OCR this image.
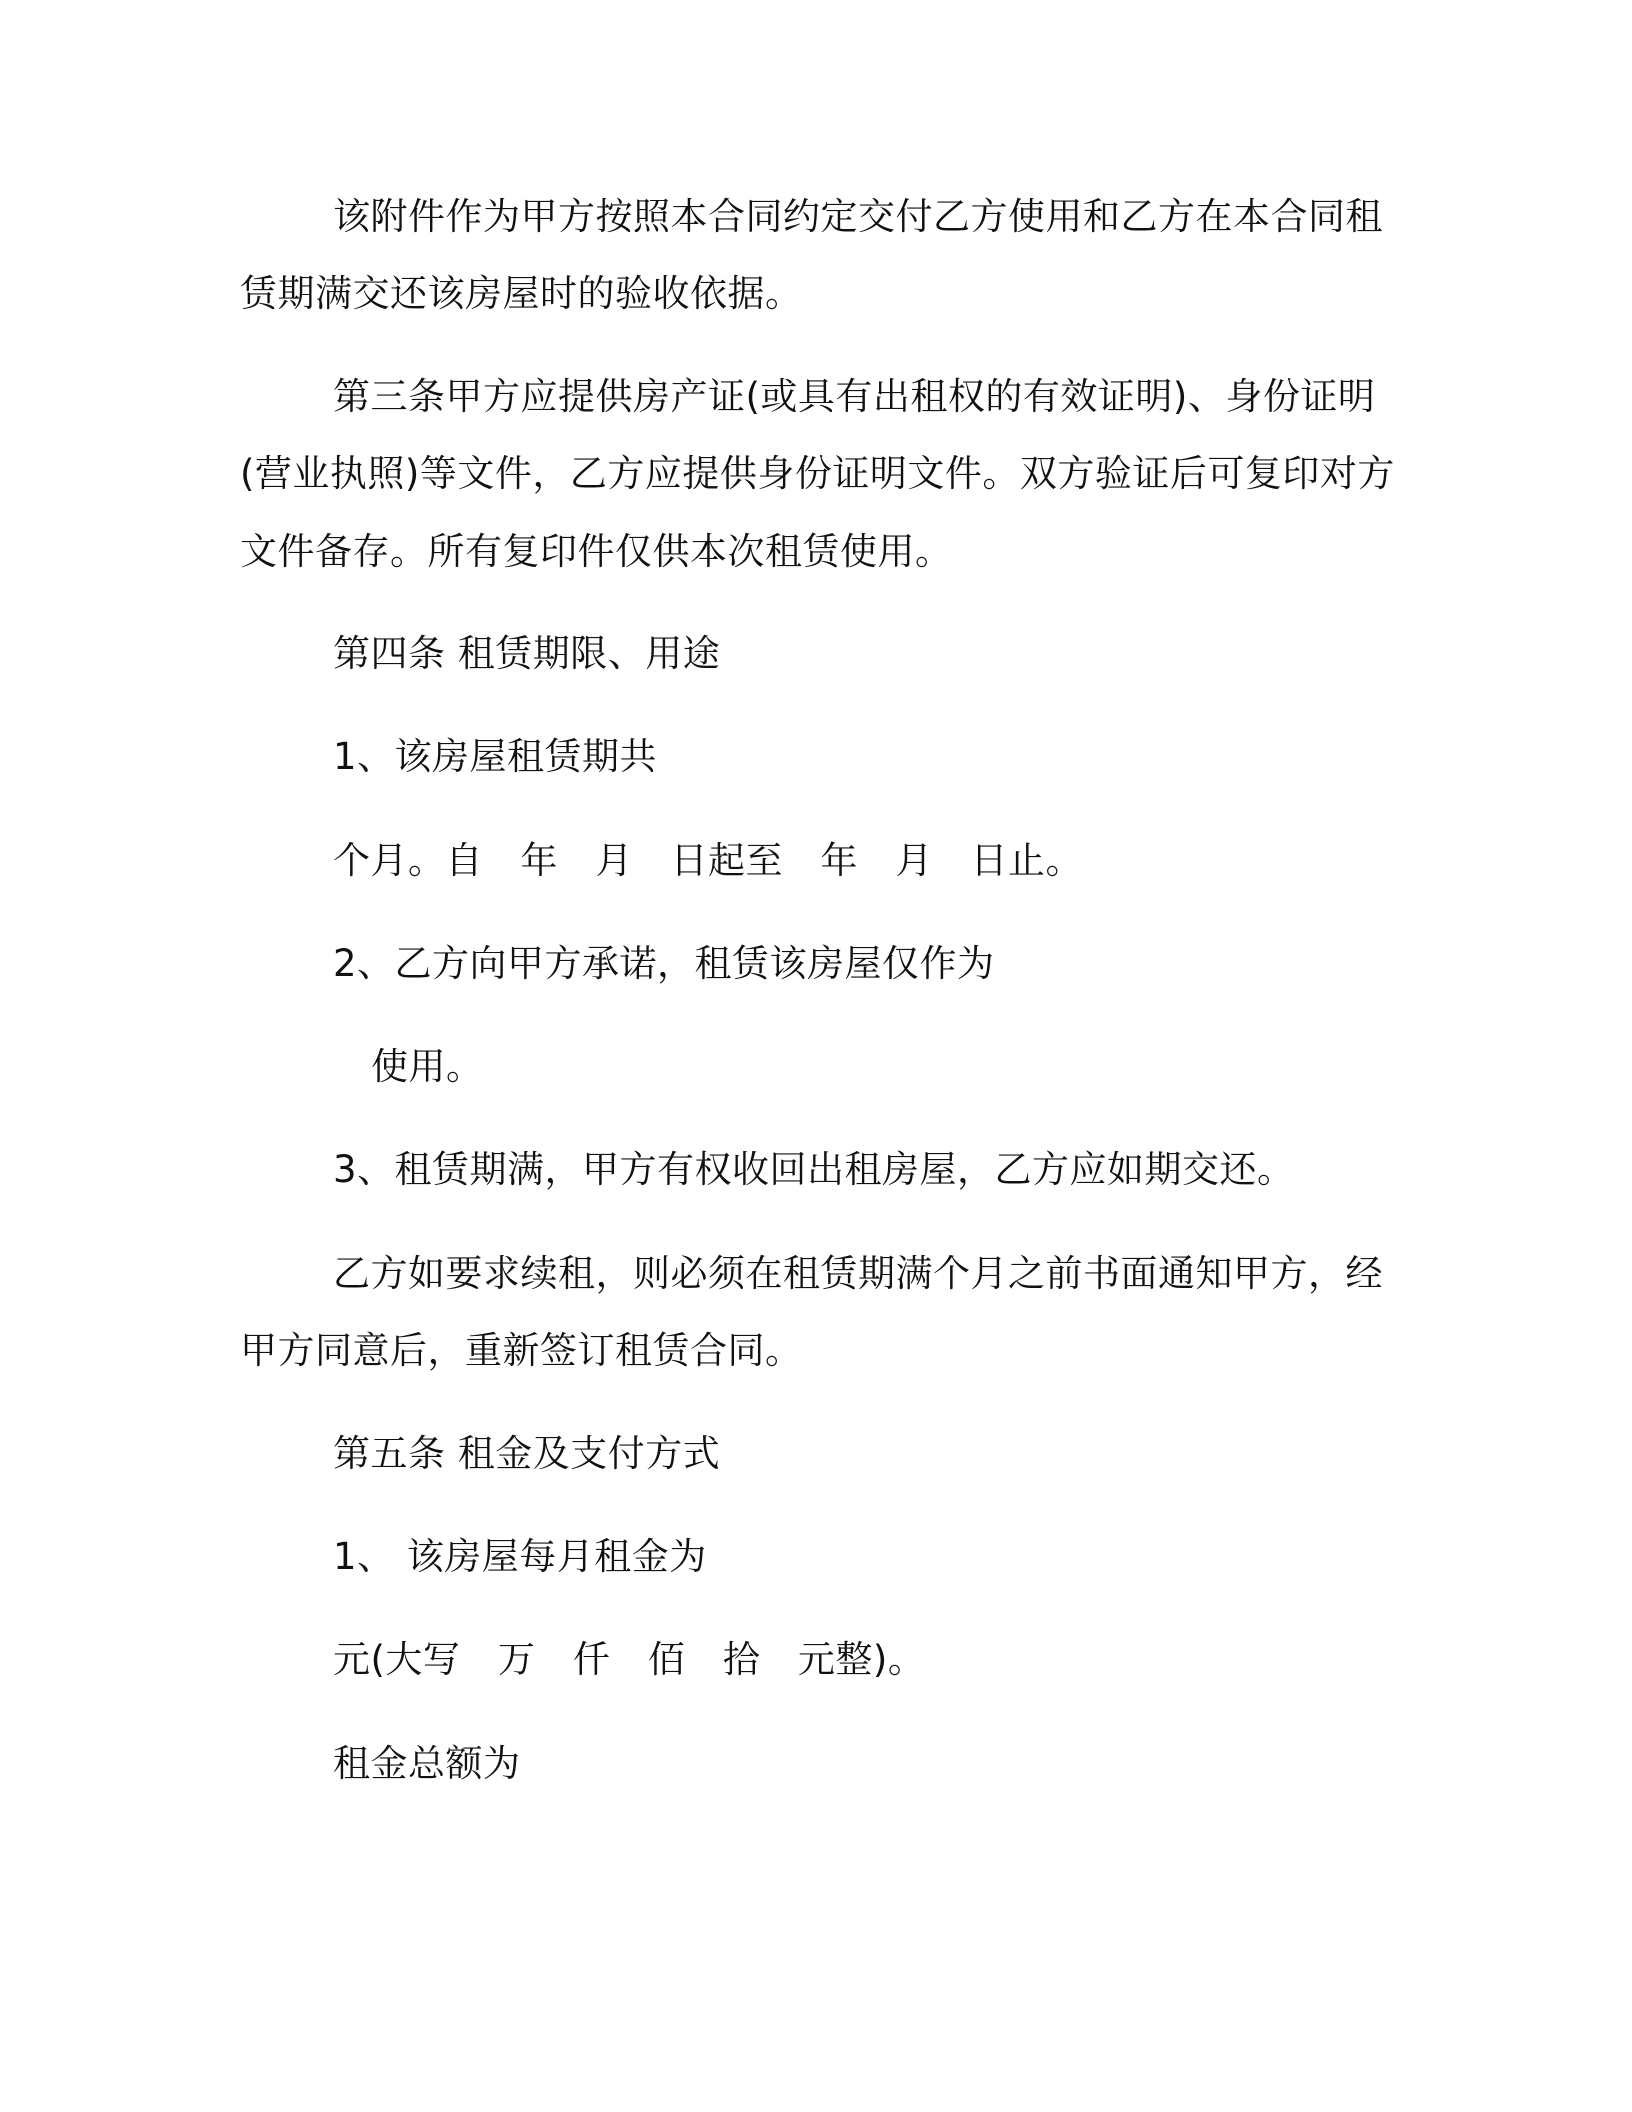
该附件作为甲方按照本合同约定交付乙方使用和乙方在本合同租
赁期满交还该房屋时的验收依据。
第三条甲方应提供房产证(或具有出租权的有效证明)、身份证明
(营业执照)等文件，乙方应提供身份证明文件。双方验证后可复印对方
文件备存。所有复印件仅供本次租赁使用。
第四条 租赁期限、用途
1、该房屋租赁期共
个月。自　年　月　日起至　年　月　日止。
2、乙方向甲方承诺，租赁该房屋仅作为
使用。
3、租赁期满，甲方有权收回出租房屋，乙方应如期交还。
乙方如要求续租，则必须在租赁期满个月之前书面通知甲方，经
甲方同意后，重新签订租赁合同。
第五条 租金及支付方式
1、 该房屋每月租金为
元(大写　万　仟　佰　拾　元整)。
租金总额为
